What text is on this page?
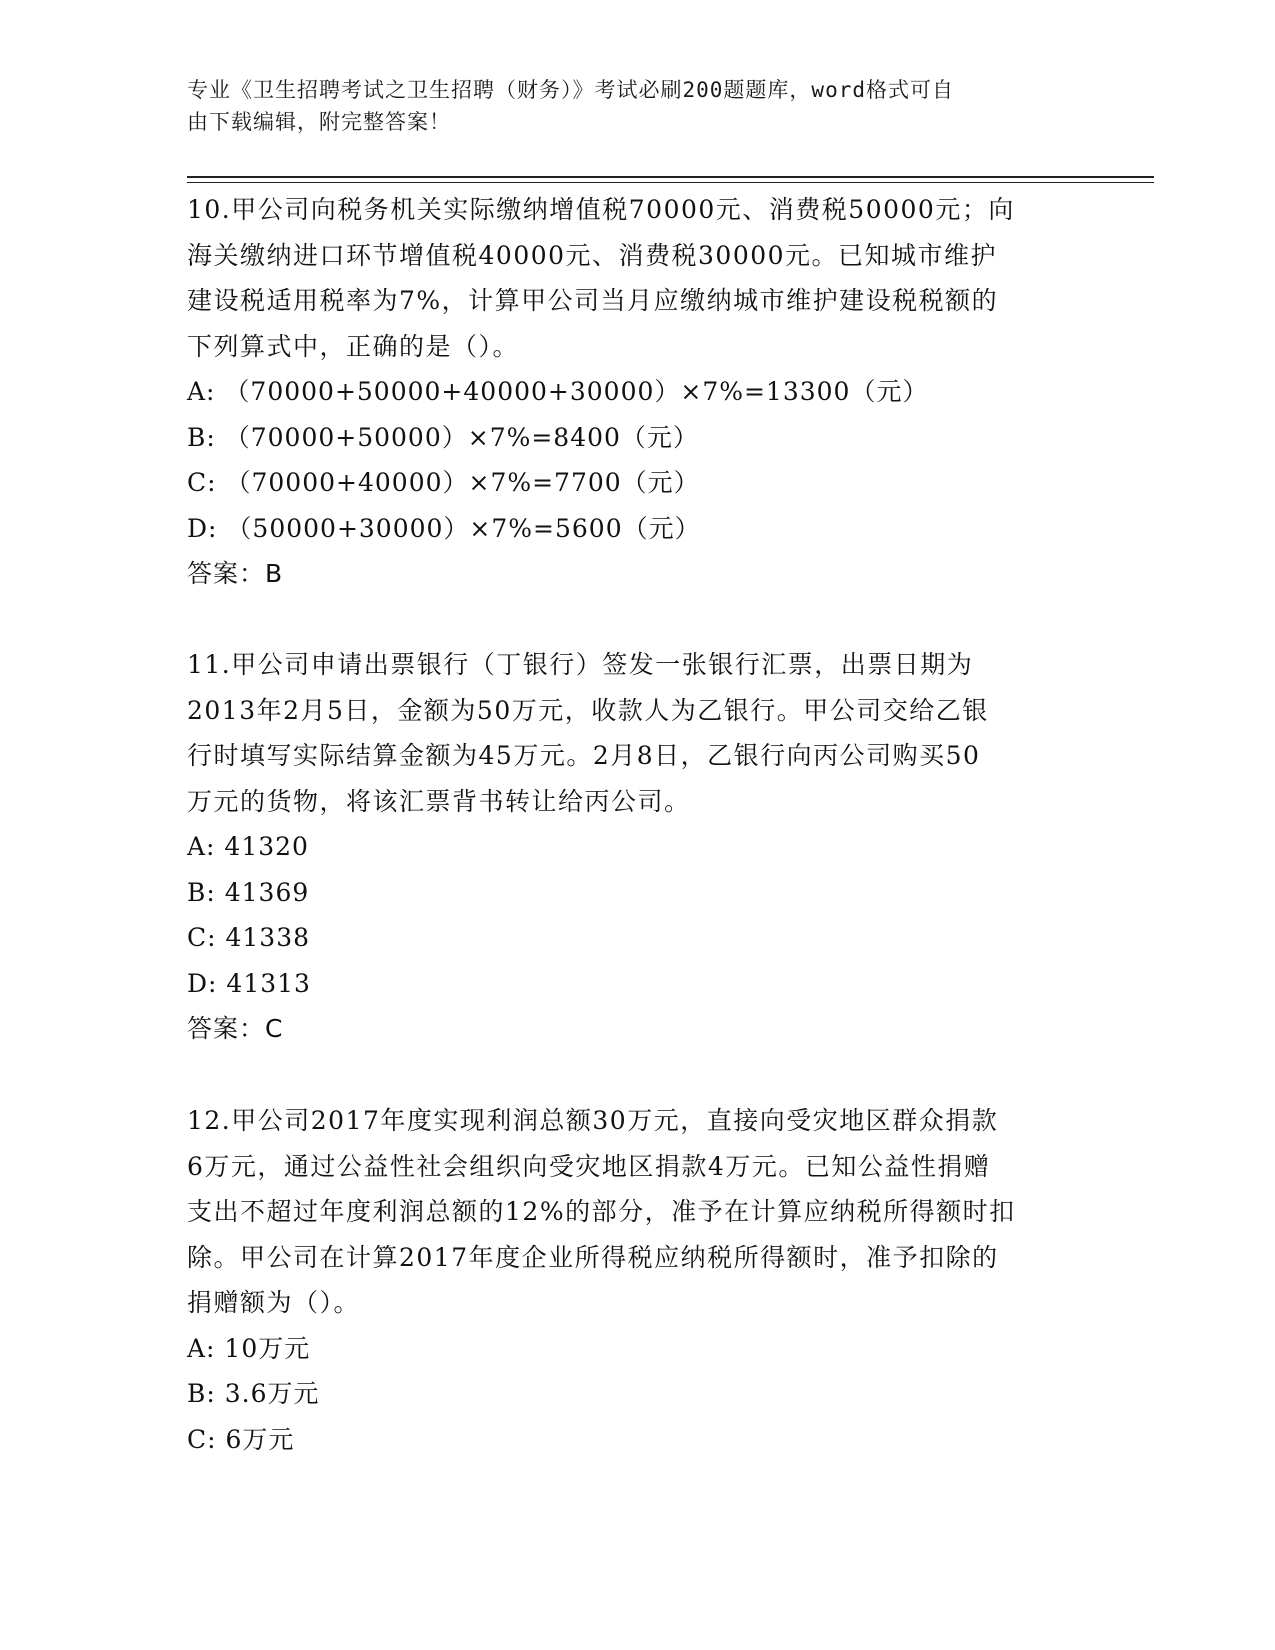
专业《卫生招聘考试之卫生招聘（财务）》考试必刷200题题库，word格式可自
由下载编辑，附完整答案！

10.甲公司向税务机关实际缴纳增值税70000元、消费税50000元；向

海关缴纳进口环节增值税40000元、消费税30000元。已知城市维护

建设税适用税率为7%，计算甲公司当月应缴纳城市维护建设税税额的

下列算式中，正确的是（）。

A: （70000+50000+40000+30000）×7%=13300（元）

B: （70000+50000）×7%=8400（元）

C: （70000+40000）×7%=7700（元）

D: （50000+30000）×7%=5600（元）

答案：B

11.甲公司申请出票银行（丁银行）签发一张银行汇票，出票日期为

2013年2月5日，金额为50万元，收款人为乙银行。甲公司交给乙银

行时填写实际结算金额为45万元。2月8日，乙银行向丙公司购买50

万元的货物，将该汇票背书转让给丙公司。

A: 41320

B: 41369

C: 41338

D: 41313

答案：C

12.甲公司2017年度实现利润总额30万元，直接向受灾地区群众捐款

6万元，通过公益性社会组织向受灾地区捐款4万元。已知公益性捐赠

支出不超过年度利润总额的12%的部分，准予在计算应纳税所得额时扣

除。甲公司在计算2017年度企业所得税应纳税所得额时，准予扣除的

捐赠额为（）。

A: 10万元

B: 3.6万元

C: 6万元
